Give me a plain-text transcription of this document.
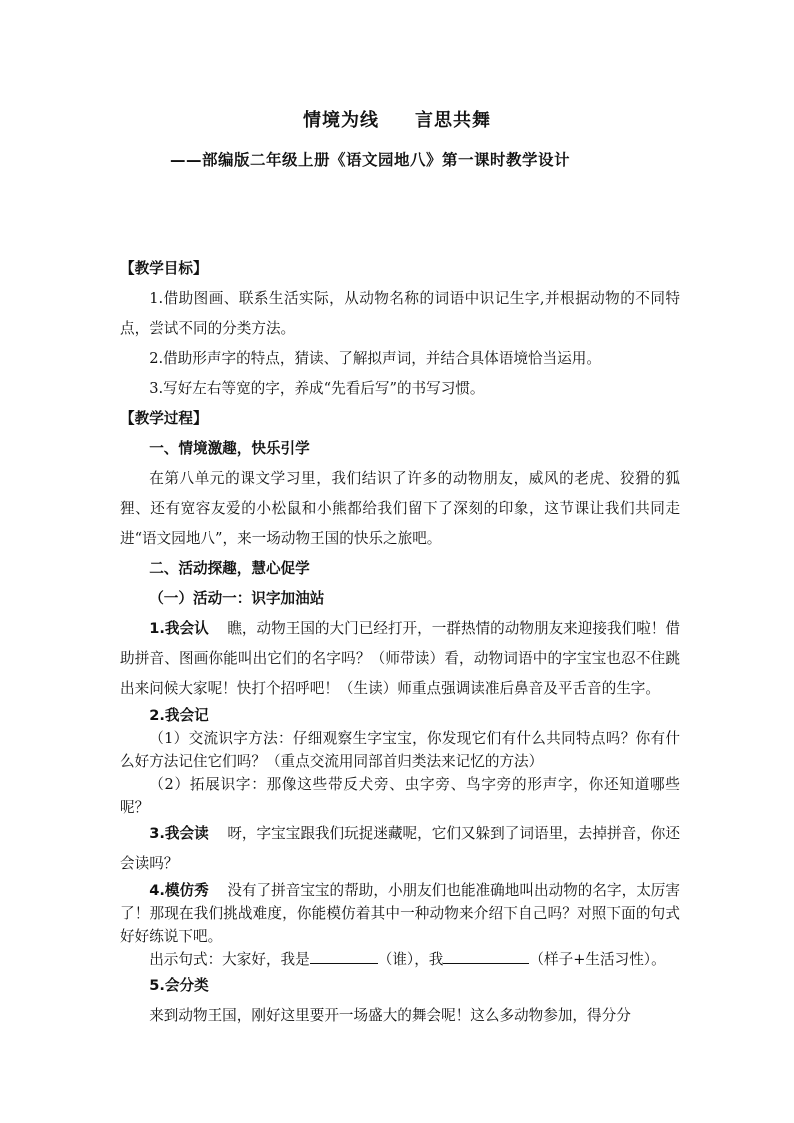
情境为线 言思共舞
——部编版二年级上册《语文园地八》第一课时教学设计

【教学目标】

1.借助图画、联系生活实际，从动物名称的词语中识记生字,并根据动物的不同特点，尝试不同的分类方法。

2.借助形声字的特点，猜读、了解拟声词，并结合具体语境恰当运用。

3.写好左右等宽的字，养成“先看后写”的书写习惯。

【教学过程】

一、情境激趣，快乐引学

在第八单元的课文学习里，我们结识了许多的动物朋友，威风的老虎、狡猾的狐狸、还有宽容友爱的小松鼠和小熊都给我们留下了深刻的印象，这节课让我们共同走进“语文园地八”，来一场动物王国的快乐之旅吧。

二、活动探趣，慧心促学

（一）活动一：识字加油站

1.我会认 瞧，动物王国的大门已经打开，一群热情的动物朋友来迎接我们啦！借助拼音、图画你能叫出它们的名字吗？（师带读）看，动物词语中的字宝宝也忍不住跳出来问候大家呢！快打个招呼吧！（生读）师重点强调读准后鼻音及平舌音的生字。

2.我会记

（1）交流识字方法：仔细观察生字宝宝，你发现它们有什么共同特点吗？你有什么好方法记住它们吗？（重点交流用同部首归类法来记忆的方法）

（2）拓展识字：那像这些带反犬旁、虫字旁、鸟字旁的形声字，你还知道哪些呢？

3.我会读 呀，字宝宝跟我们玩捉迷藏呢，它们又躲到了词语里，去掉拼音，你还会读吗？

4.模仿秀 没有了拼音宝宝的帮助，小朋友们也能准确地叫出动物的名字，太厉害了！那现在我们挑战难度，你能模仿着其中一种动物来介绍下自己吗？对照下面的句式好好练说下吧。

出示句式：大家好，我是	（谁），我	（样子+生活习性）。

5.会分类

来到动物王国，刚好这里要开一场盛大的舞会呢！这么多动物参加，得分分
